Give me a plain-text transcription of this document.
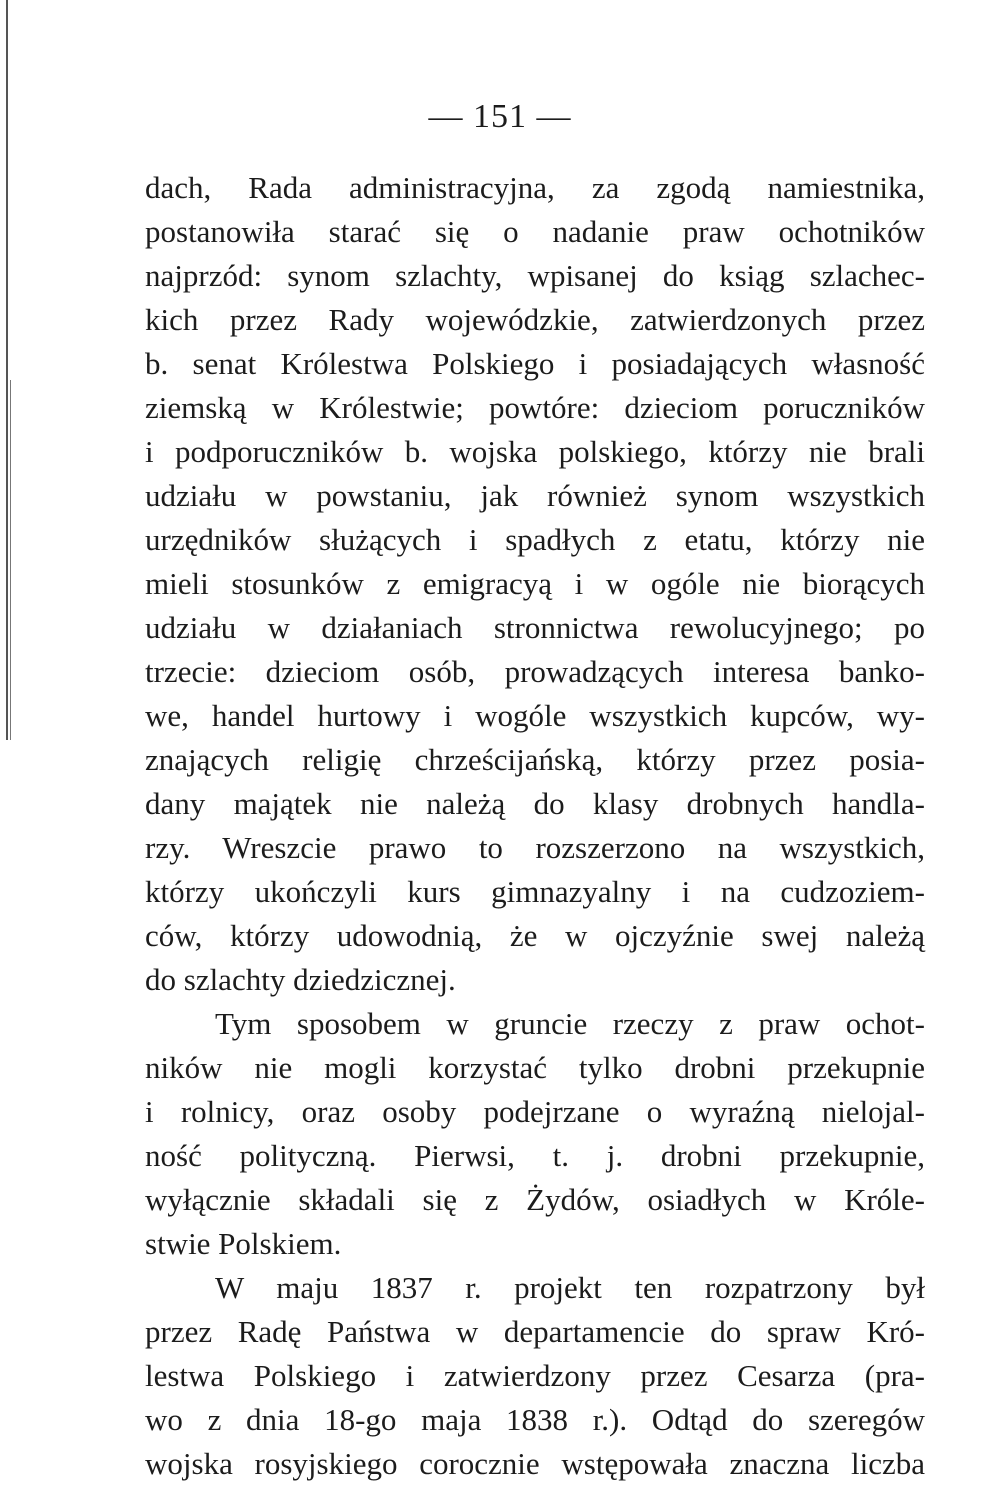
— 151 —
dach, Rada administracyjna, za zgodą namiestnika,
postanowiła starać się o nadanie praw ochotników
najprzód: synom szlachty, wpisanej do ksiąg szlachec-
kich przez Rady wojewódzkie, zatwierdzonych przez
b. senat Królestwa Polskiego i posiadających własność
ziemską w Królestwie; powtóre: dzieciom poruczników
i podporuczników b. wojska polskiego, którzy nie brali
udziału w powstaniu, jak również synom wszystkich
urzędników służących i spadłych z etatu, którzy nie
mieli stosunków z emigracyą i w ogóle nie biorących
udziału w działaniach stronnictwa rewolucyjnego; po
trzecie: dzieciom osób, prowadzących interesa banko-
we, handel hurtowy i wogóle wszystkich kupców, wy-
znających religię chrześcijańską, którzy przez posia-
dany majątek nie należą do klasy drobnych handla-
rzy. Wreszcie prawo to rozszerzono na wszystkich,
którzy ukończyli kurs gimnazyalny i na cudzoziem-
ców, którzy udowodnią, że w ojczyźnie swej należą
do szlachty dziedzicznej.
Tym sposobem w gruncie rzeczy z praw ochot-
ników nie mogli korzystać tylko drobni przekupnie
i rolnicy, oraz osoby podejrzane o wyraźną nielojal-
ność polityczną. Pierwsi, t. j. drobni przekupnie,
wyłącznie składali się z Żydów, osiadłych w Króle-
stwie Polskiem.
W maju 1837 r. projekt ten rozpatrzony był
przez Radę Państwa w departamencie do spraw Kró-
lestwa Polskiego i zatwierdzony przez Cesarza (pra-
wo z dnia 18-go maja 1838 r.). Odtąd do szeregów
wojska rosyjskiego corocznie wstępowała znaczna liczba
